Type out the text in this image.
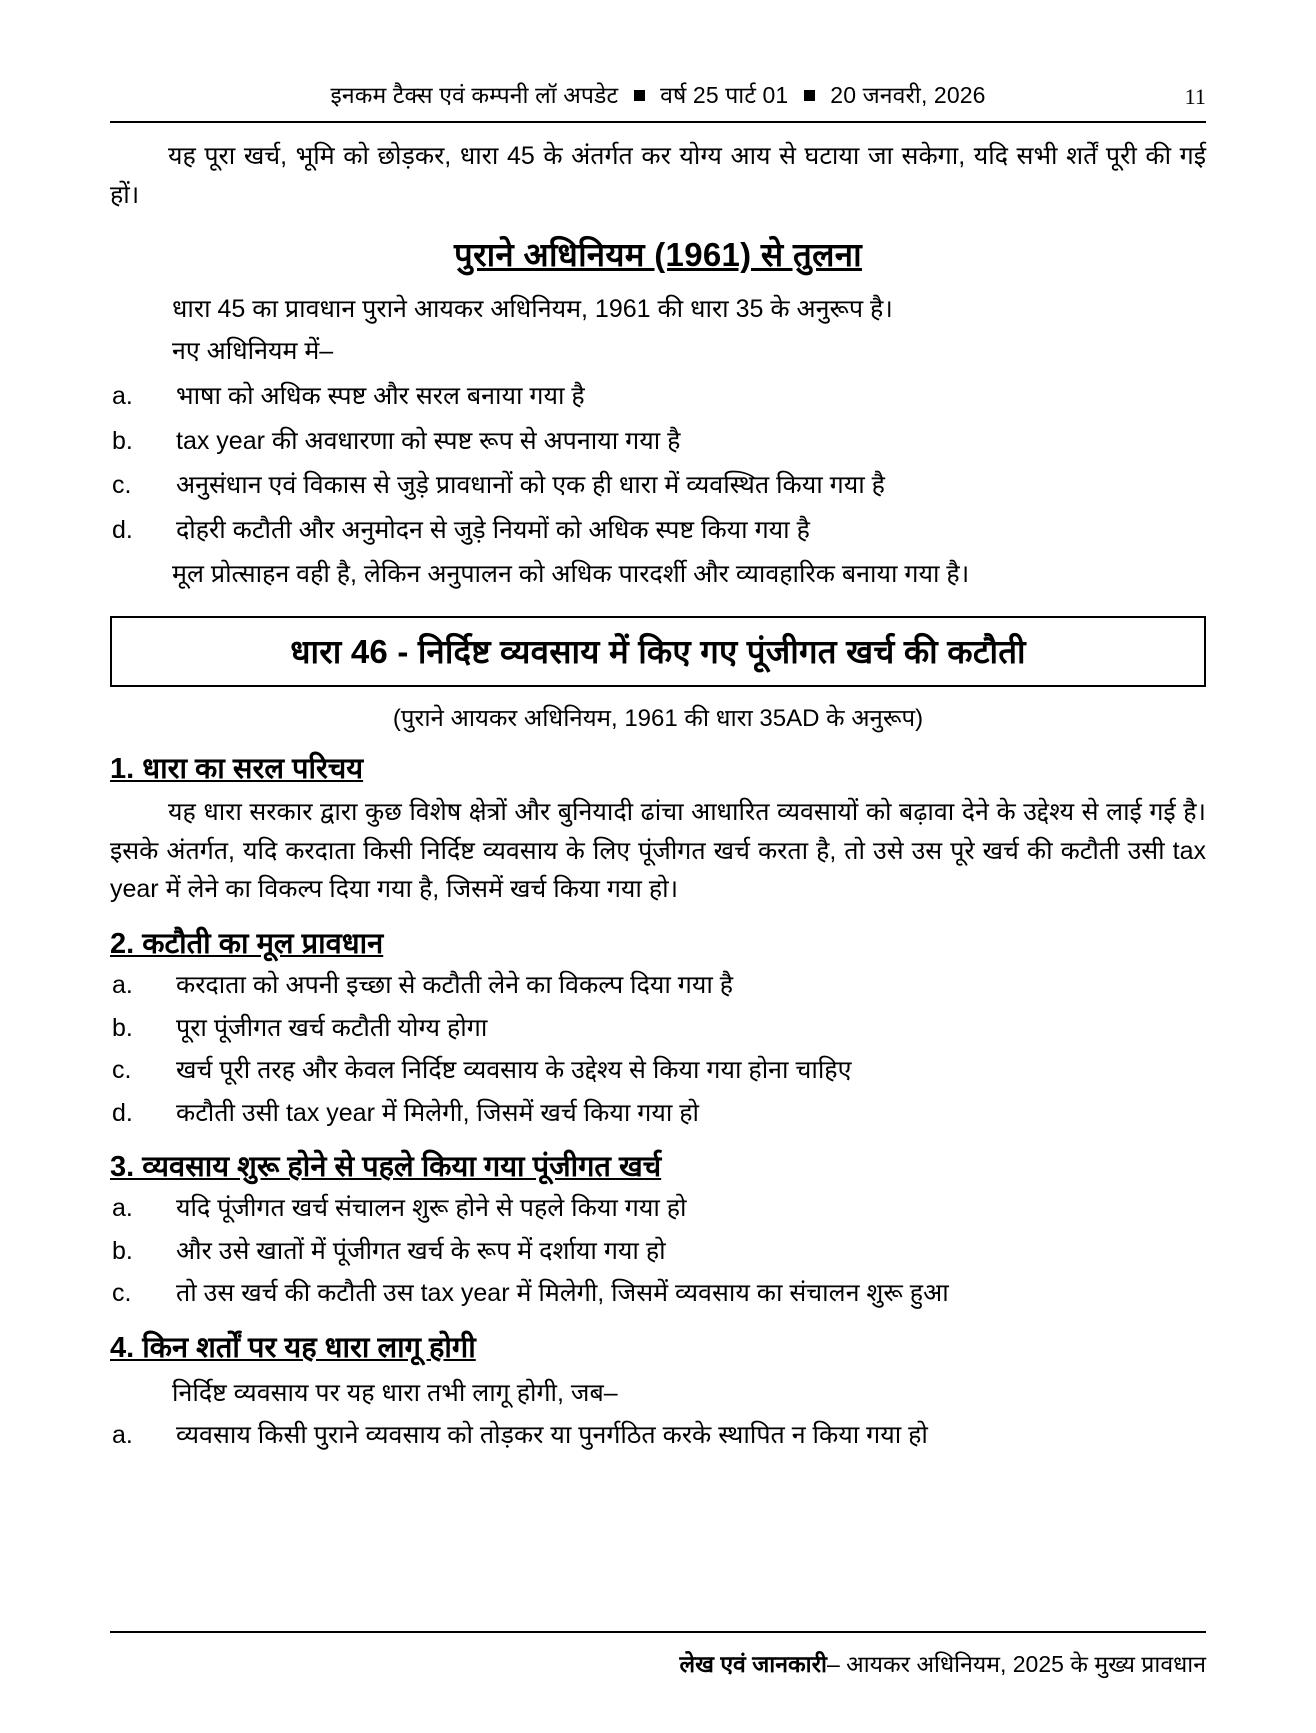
इनकम टैक्स एवं कम्पनी लॉ अपडेट वर्ष 25 पार्ट 01 20 जनवरी, 2026	11

यह पूरा खर्च, भूमि को छोड़कर, धारा 45 के अंतर्गत कर योग्य आय से घटाया जा सकेगा, यदि सभी शर्तें पूरी की गई हों।

पुराने अधिनियम (1961) से तुलना

धारा 45 का प्रावधान पुराने आयकर अधिनियम, 1961 की धारा 35 के अनुरूप है।

नए अधिनियम में–

a.	भाषा को अधिक स्पष्ट और सरल बनाया गया है
b.	tax year की अवधारणा को स्पष्ट रूप से अपनाया गया है
c.	अनुसंधान एवं विकास से जुड़े प्रावधानों को एक ही धारा में व्यवस्थित किया गया है
d.	दोहरी कटौती और अनुमोदन से जुड़े नियमों को अधिक स्पष्ट किया गया है

मूल प्रोत्साहन वही है, लेकिन अनुपालन को अधिक पारदर्शी और व्यावहारिक बनाया गया है।

धारा 46 - निर्दिष्ट व्यवसाय में किए गए पूंजीगत खर्च की कटौती
(पुराने आयकर अधिनियम, 1961 की धारा 35AD के अनुरूप)
1. धारा का सरल परिचय

यह धारा सरकार द्वारा कुछ विशेष क्षेत्रों और बुनियादी ढांचा आधारित व्यवसायों को बढ़ावा देने के उद्देश्य से लाई गई है। इसके अंतर्गत, यदि करदाता किसी निर्दिष्ट व्यवसाय के लिए पूंजीगत खर्च करता है, तो उसे उस पूरे खर्च की कटौती उसी tax year में लेने का विकल्प दिया गया है, जिसमें खर्च किया गया हो।

2. कटौती का मूल प्रावधान
a.	करदाता को अपनी इच्छा से कटौती लेने का विकल्प दिया गया है
b.	पूरा पूंजीगत खर्च कटौती योग्य होगा
c.	खर्च पूरी तरह और केवल निर्दिष्ट व्यवसाय के उद्देश्य से किया गया होना चाहिए
d.	कटौती उसी tax year में मिलेगी, जिसमें खर्च किया गया हो
3. व्यवसाय शुरू होने से पहले किया गया पूंजीगत खर्च
a.	यदि पूंजीगत खर्च संचालन शुरू होने से पहले किया गया हो
b.	और उसे खातों में पूंजीगत खर्च के रूप में दर्शाया गया हो
c.	तो उस खर्च की कटौती उस tax year में मिलेगी, जिसमें व्यवसाय का संचालन शुरू हुआ
4. किन शर्तों पर यह धारा लागू होगी

निर्दिष्ट व्यवसाय पर यह धारा तभी लागू होगी, जब–

a.	व्यवसाय किसी पुराने व्यवसाय को तोड़कर या पुनर्गठित करके स्थापित न किया गया हो
लेख एवं जानकारी– आयकर अधिनियम, 2025 के मुख्य प्रावधान
